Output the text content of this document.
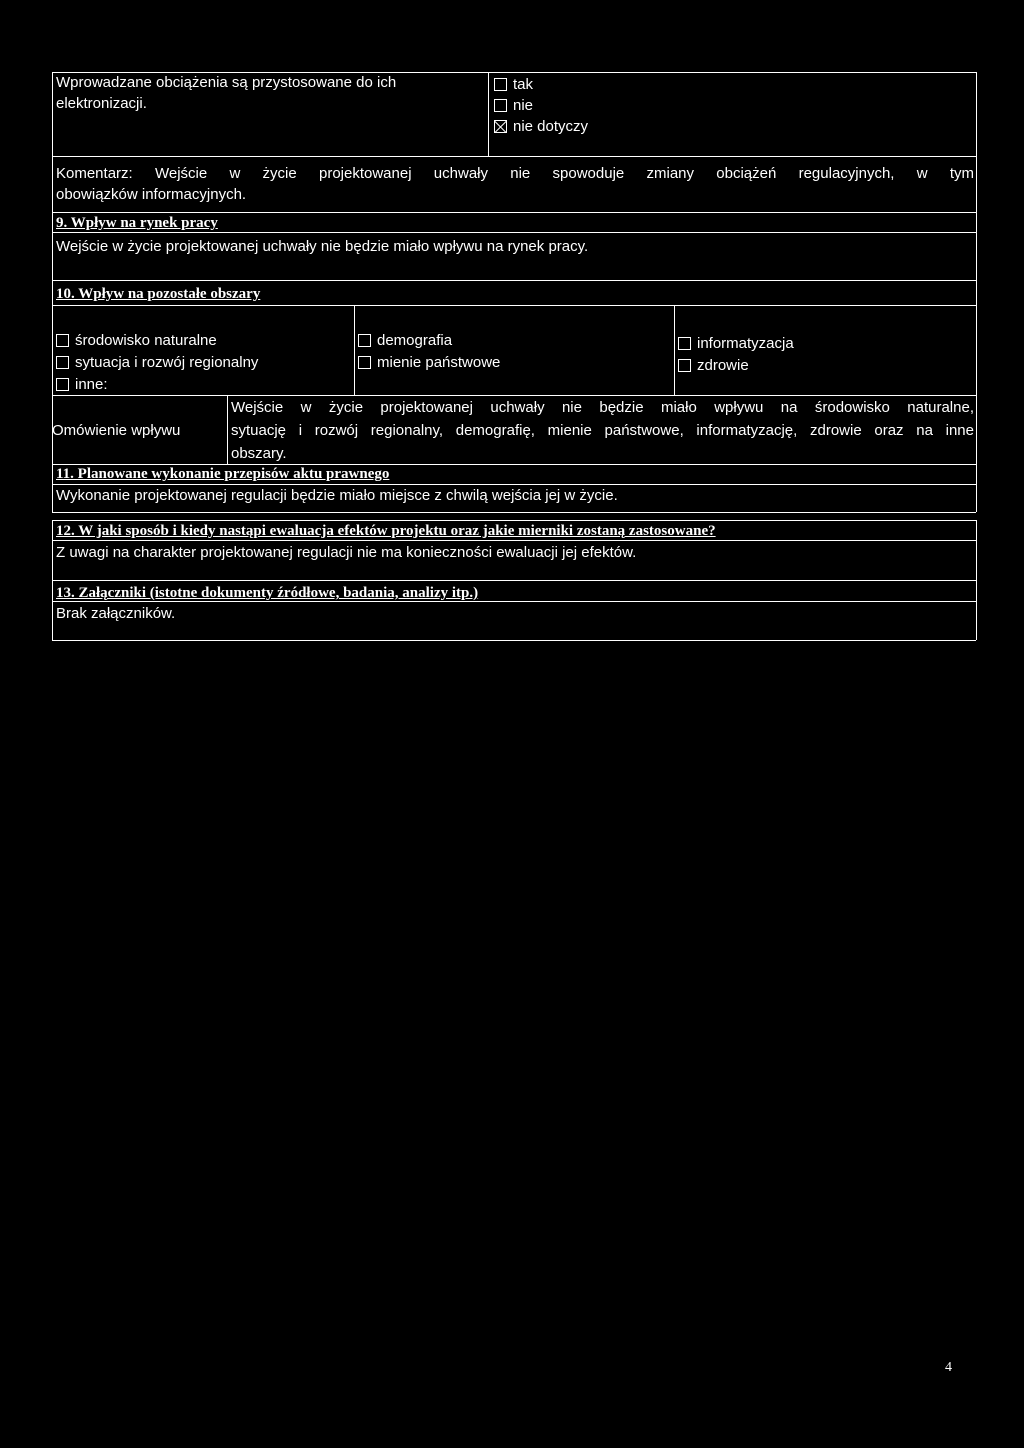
Wprowadzane obciążenia są przystosowane do ich
elektronizacji.
tak
nie
nie dotyczy
Komentarz: Wejście w życie projektowanej uchwały nie spowoduje zmiany obciążeń regulacyjnych, w tym
obowiązków informacyjnych.
9. Wpływ na rynek pracy
Wejście w życie projektowanej uchwały nie będzie miało wpływu na rynek pracy.
10. Wpływ na pozostałe obszary
środowisko naturalne
sytuacja i rozwój regionalny
inne:
demografia
mienie państwowe
informatyzacja
zdrowie
Omówienie wpływu
Wejście w życie projektowanej uchwały nie będzie miało wpływu na środowisko naturalne,
sytuację i rozwój regionalny, demografię, mienie państwowe, informatyzację, zdrowie oraz na inne
obszary.
11. Planowane wykonanie przepisów aktu prawnego
Wykonanie projektowanej regulacji będzie miało miejsce z chwilą wejścia jej w życie.
12. W jaki sposób i kiedy nastąpi ewaluacja efektów projektu oraz jakie mierniki zostaną zastosowane?
Z uwagi na charakter projektowanej regulacji nie ma konieczności ewaluacji jej efektów.
13. Załączniki (istotne dokumenty źródłowe, badania, analizy itp.)
Brak załączników.
4
